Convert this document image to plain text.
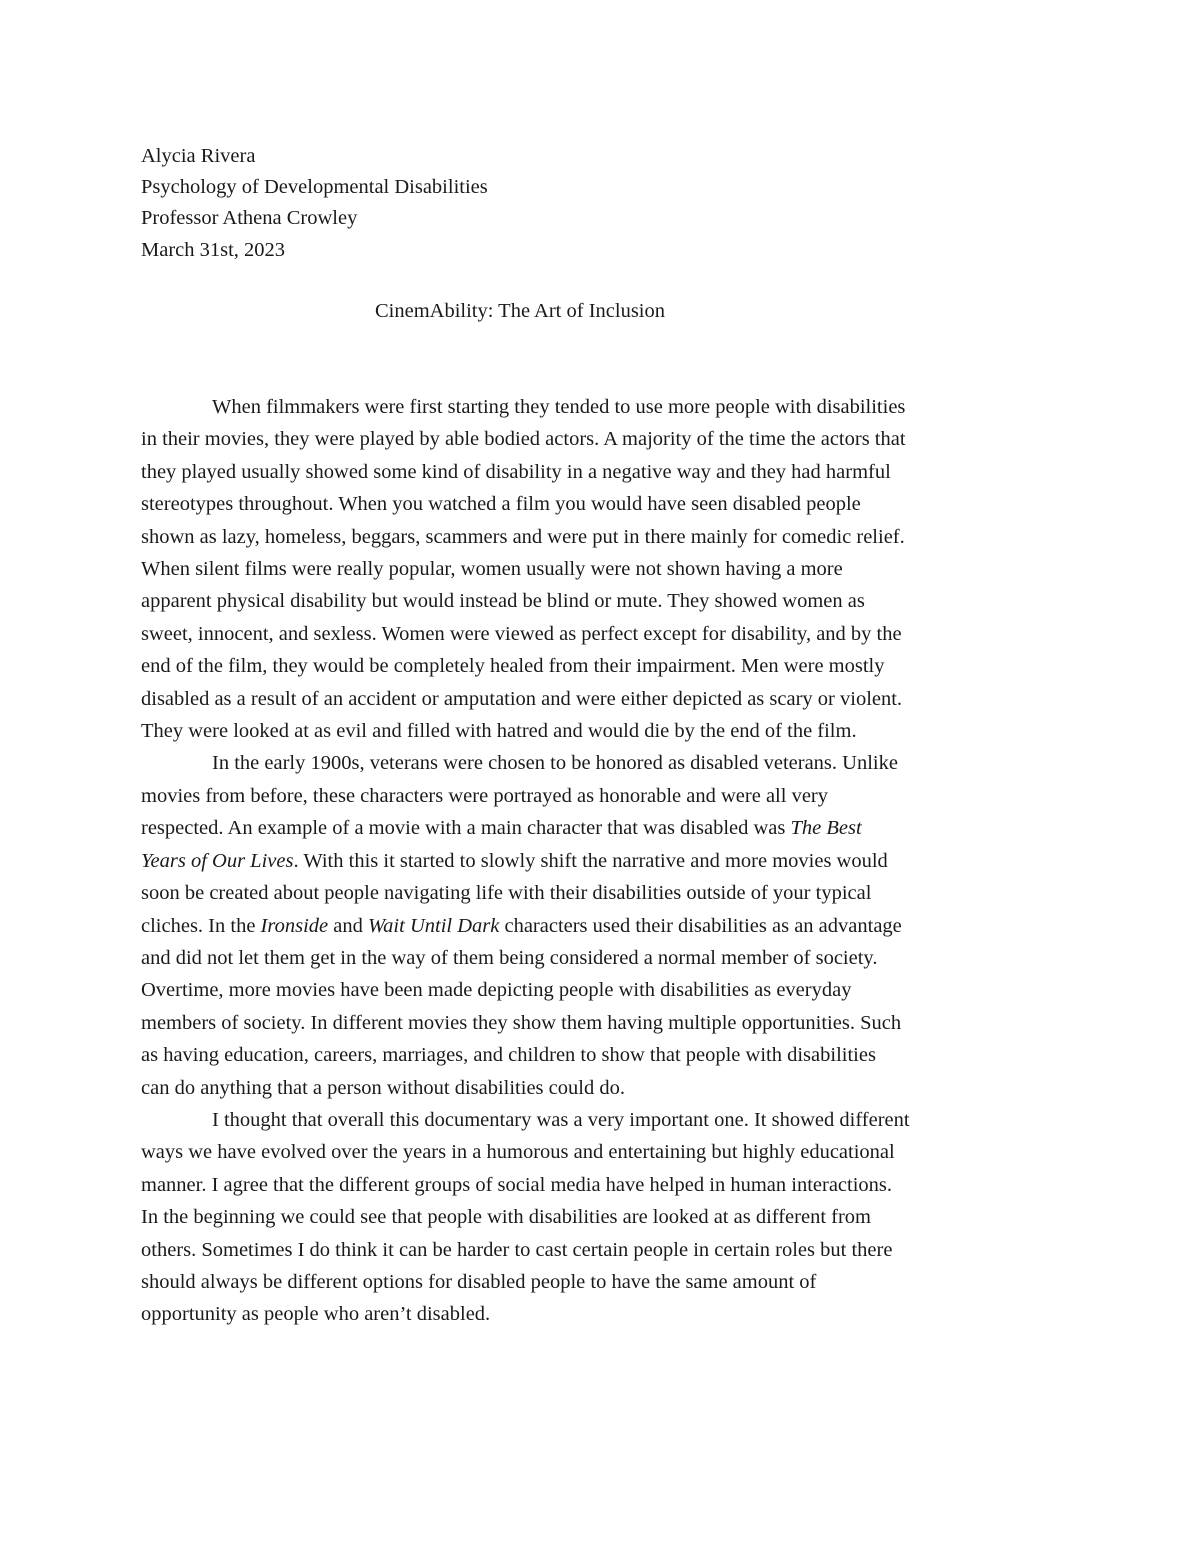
Alycia Rivera
Psychology of Developmental Disabilities
Professor Athena Crowley
March 31st, 2023
CinemAbility: The Art of Inclusion
When filmmakers were first starting they tended to use more people with disabilities
in their movies, they were played by able bodied actors. A majority of the time the actors that
they played usually showed some kind of disability in a negative way and they had harmful
stereotypes throughout. When you watched a film you would have seen disabled people
shown as lazy, homeless, beggars, scammers and were put in there mainly for comedic relief.
When silent films were really popular, women usually were not shown having a more
apparent physical disability but would instead be blind or mute. They showed women as
sweet, innocent, and sexless. Women were viewed as perfect except for disability, and by the
end of the film, they would be completely healed from their impairment. Men were mostly
disabled as a result of an accident or amputation and were either depicted as scary or violent.
They were looked at as evil and filled with hatred and would die by the end of the film.
In the early 1900s, veterans were chosen to be honored as disabled veterans. Unlike
movies from before, these characters were portrayed as honorable and were all very
respected. An example of a movie with a main character that was disabled was The Best
Years of Our Lives. With this it started to slowly shift the narrative and more movies would
soon be created about people navigating life with their disabilities outside of your typical
cliches. In the Ironside and Wait Until Dark characters used their disabilities as an advantage
and did not let them get in the way of them being considered a normal member of society.
Overtime, more movies have been made depicting people with disabilities as everyday
members of society. In different movies they show them having multiple opportunities. Such
as having education, careers, marriages, and children to show that people with disabilities
can do anything that a person without disabilities could do.
I thought that overall this documentary was a very important one. It showed different
ways we have evolved over the years in a humorous and entertaining but highly educational
manner. I agree that the different groups of social media have helped in human interactions.
In the beginning we could see that people with disabilities are looked at as different from
others. Sometimes I do think it can be harder to cast certain people in certain roles but there
should always be different options for disabled people to have the same amount of
opportunity as people who aren’t disabled.
